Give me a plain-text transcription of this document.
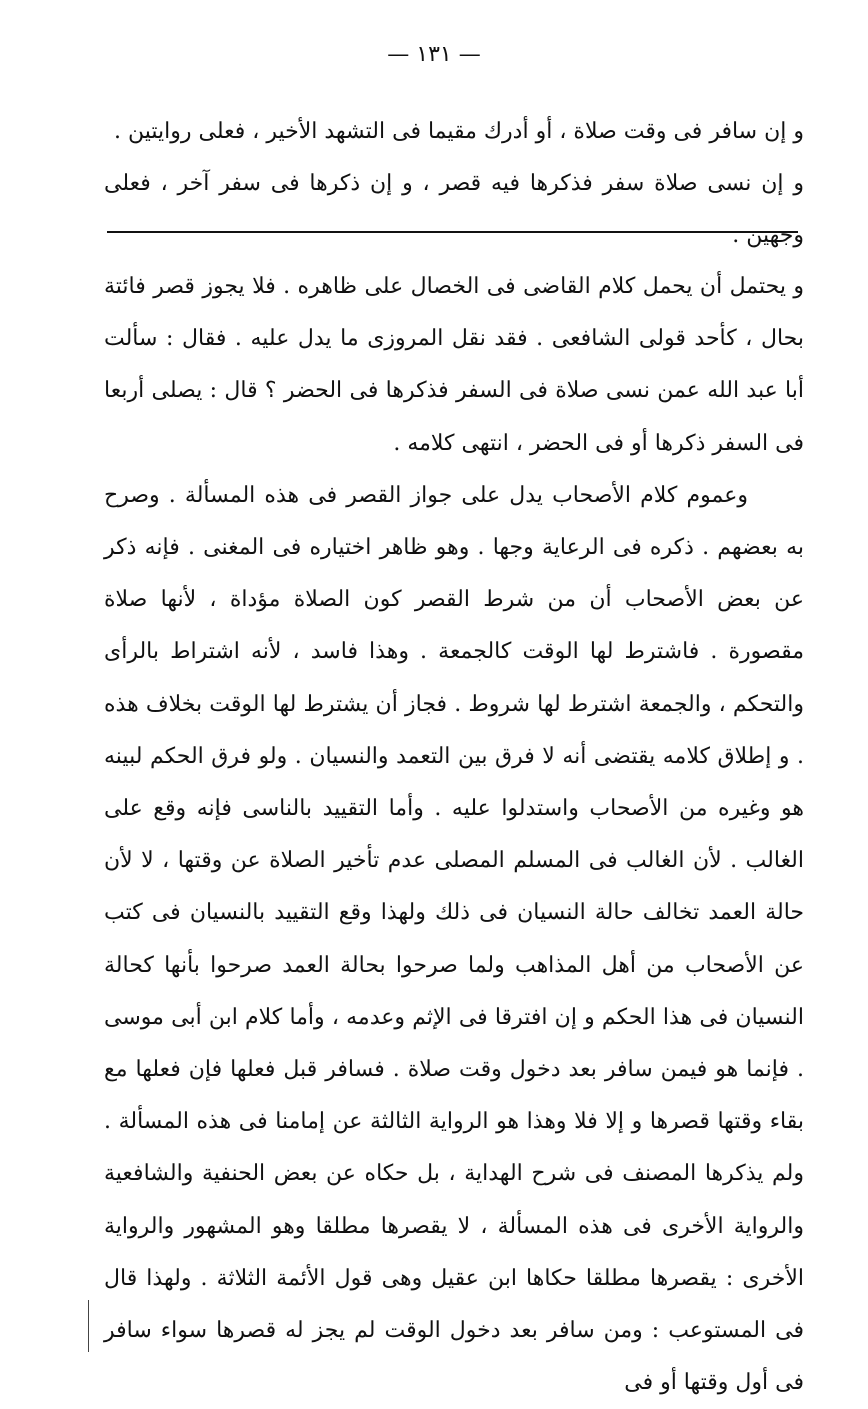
— ١٣١ —

و إن سافر فى وقت صلاة ، أو أدرك مقيما فى التشهد الأخير ، فعلى روايتين .

و إن نسى صلاة سفر فذكرها فيه قصر ، و إن ذكرها فى سفر آخر ، فعلى وجهين .

و يحتمل أن يحمل كلام القاضى فى الخصال على ظاهره . فلا يجوز قصر فائتة بحال ، كأحد قولى الشافعى . فقد نقل المروزى ما يدل عليه . فقال : سألت أبا عبد الله عمن نسى صلاة فى السفر فذكرها فى الحضر ؟ قال : يصلى أربعا فى السفر ذكرها أو فى الحضر ، انتهى كلامه .

وعموم كلام الأصحاب يدل على جواز القصر فى هذه المسألة . وصرح به بعضهم . ذكره فى الرعاية وجها . وهو ظاهر اختياره فى المغنى . فإنه ذكر عن بعض الأصحاب أن من شرط القصر كون الصلاة مؤداة ، لأنها صلاة مقصورة . فاشترط لها الوقت كالجمعة . وهذا فاسد ، لأنه اشتراط بالرأى والتحكم ، والجمعة اشترط لها شروط . فجاز أن يشترط لها الوقت بخلاف هذه . و إطلاق كلامه يقتضى أنه لا فرق بين التعمد والنسيان . ولو فرق الحكم لبينه هو وغيره من الأصحاب واستدلوا عليه . وأما التقييد بالناسى فإنه وقع على الغالب . لأن الغالب فى المسلم المصلى عدم تأخير الصلاة عن وقتها ، لا لأن حالة العمد تخالف حالة النسيان فى ذلك ولهذا وقع التقييد بالنسيان فى كتب عن الأصحاب من أهل المذاهب ولما صرحوا بحالة العمد صرحوا بأنها كحالة النسيان فى هذا الحكم و إن افترقا فى الإثم وعدمه ، وأما كلام ابن أبى موسى . فإنما هو فيمن سافر بعد دخول وقت صلاة . فسافر قبل فعلها فإن فعلها مع بقاء وقتها قصرها و إلا فلا وهذا هو الرواية الثالثة عن إمامنا فى هذه المسألة . ولم يذكرها المصنف فى شرح الهداية ، بل حكاه عن بعض الحنفية والشافعية والرواية الأخرى فى هذه المسألة ، لا يقصرها مطلقا وهو المشهور والرواية الأخرى : يقصرها مطلقا حكاها ابن عقيل وهى قول الأئمة الثلاثة . ولهذا قال فى المستوعب : ومن سافر بعد دخول الوقت لم يجز له قصرها سواء سافر فى أول وقتها أو فى
